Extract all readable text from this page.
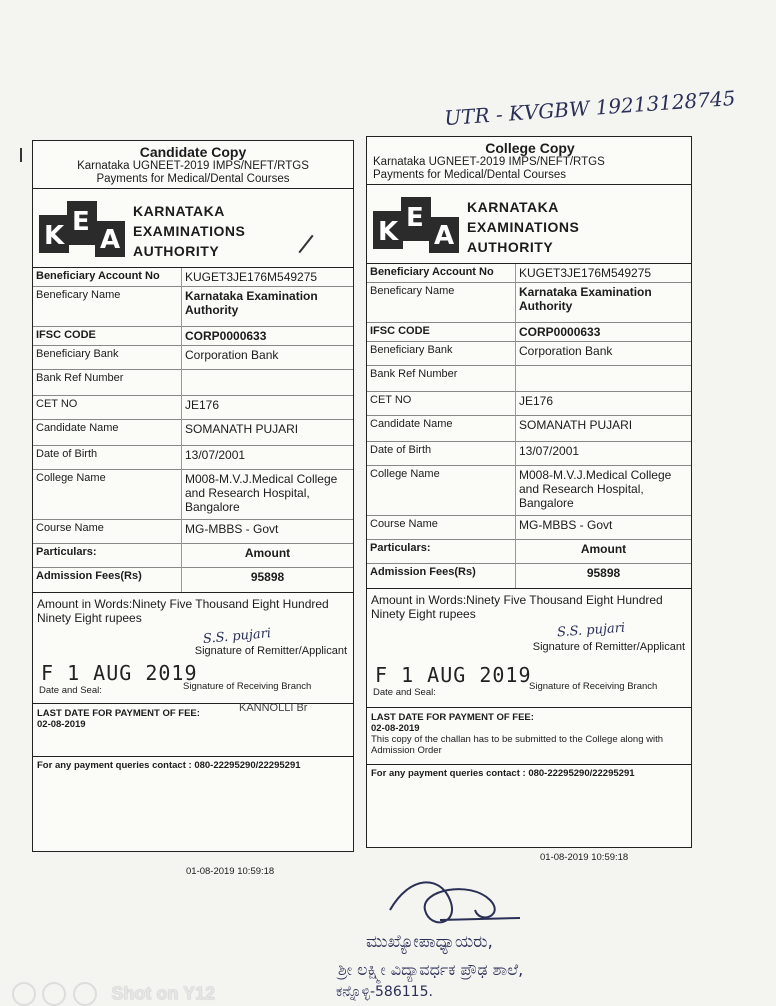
UTR - KVGBW 19213128745
Candidate Copy
Karnataka UGNEET-2019 IMPS/NEFT/RTGS
Payments for Medical/Dental Courses
K E
A
KARNATAKA
EXAMINATIONS
AUTHORITY
Beneficiary Account No	KUGET3JE176M549275
Beneficary Name	Karnataka Examination Authority
IFSC CODE	CORP0000633
Beneficiary Bank	Corporation Bank
Bank Ref Number	
CET NO	JE176
Candidate Name	SOMANATH PUJARI
Date of Birth	13/07/2001
College Name	M008-M.V.J.Medical College and Research Hospital, Bangalore
Course Name	MG-MBBS - Govt
Particulars:	Amount
Admission Fees(Rs)	95898
Amount in Words:Ninety Five Thousand Eight Hundred Ninety Eight rupees
S.S. pujari
Signature of Remitter/Applicant
F 1 AUG 2019
Date and Seal:	Signature of Receiving Branch
LAST DATE FOR PAYMENT OF FEE:
02-08-2019
KANNOLLI Br
For any payment queries contact : 080-22295290/22295291
01-08-2019 10:59:18
College Copy
Karnataka UGNEET-2019 IMPS/NEFT/RTGS
Payments for Medical/Dental Courses
K E
A
KARNATAKA
EXAMINATIONS
AUTHORITY
Beneficiary Account No	KUGET3JE176M549275
Beneficary Name	Karnataka Examination Authority
IFSC CODE	CORP0000633
Beneficiary Bank	Corporation Bank
Bank Ref Number	
CET NO	JE176
Candidate Name	SOMANATH PUJARI
Date of Birth	13/07/2001
College Name	M008-M.V.J.Medical College and Research Hospital, Bangalore
Course Name	MG-MBBS - Govt
Particulars:	Amount
Admission Fees(Rs)	95898
Amount in Words:Ninety Five Thousand Eight Hundred Ninety Eight rupees
S.S. pujari
Signature of Remitter/Applicant
F 1 AUG 2019
Date and Seal:
Signature of Receiving Branch
LAST DATE FOR PAYMENT OF FEE:
02-08-2019
This copy of the challan has to be submitted to the College along with Admission Order
For any payment queries contact : 080-22295290/22295291
01-08-2019 10:59:18
ಮುಖ್ಯೋಪಾಧ್ಯಾಯರು,
ಶ್ರೀ ಲಕ್ಷ್ಮೀ ವಿದ್ಯಾವರ್ಧಕ ಪ್ರೌಢ ಶಾಲೆ,
ಕನ್ನೊಳ್ಳಿ-586115.
Shot on Y12
